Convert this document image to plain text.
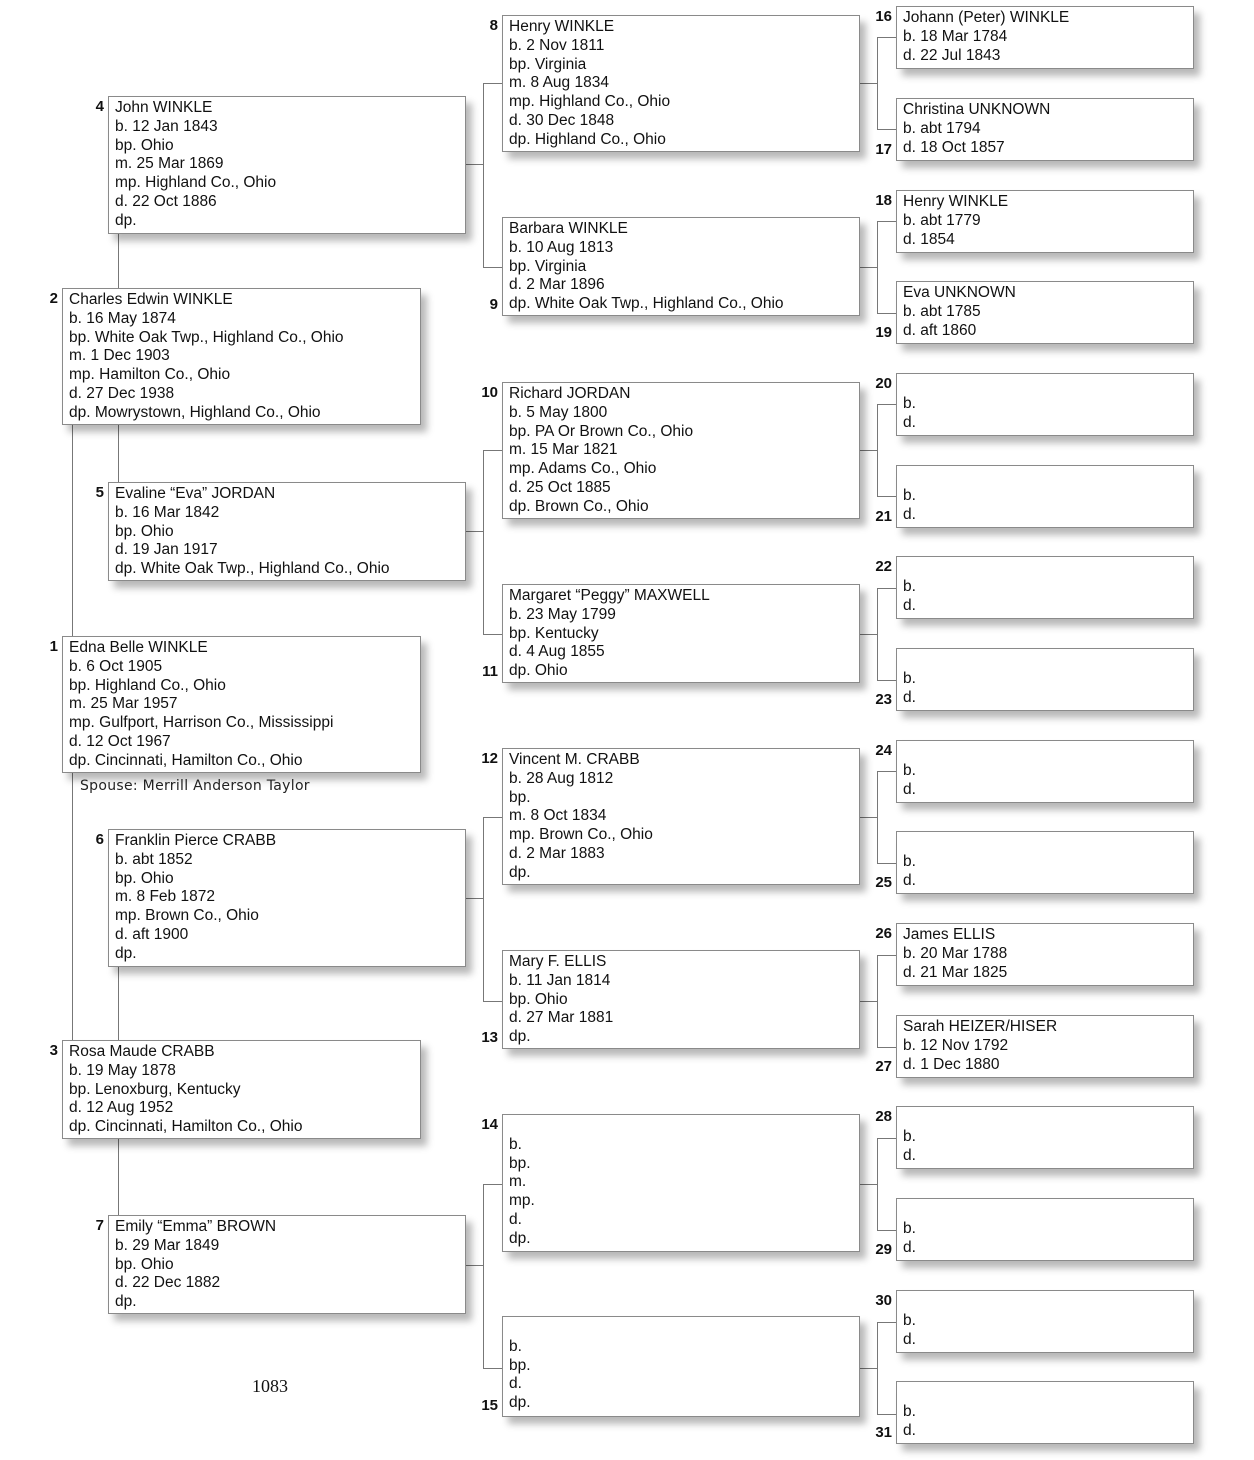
Edna Belle WINKLE
b. 6 Oct 1905
bp. Highland Co., Ohio
m. 25 Mar 1957
mp. Gulfport, Harrison Co., Mississippi
d. 12 Oct 1967
dp. Cincinnati, Hamilton Co., Ohio
1
Charles Edwin WINKLE
b. 16 May 1874
bp. White Oak Twp., Highland Co., Ohio
m. 1 Dec 1903
mp. Hamilton Co., Ohio
d. 27 Dec 1938
dp. Mowrystown, Highland Co., Ohio
2
Rosa Maude CRABB
b. 19 May 1878
bp. Lenoxburg, Kentucky
d. 12 Aug 1952
dp. Cincinnati, Hamilton Co., Ohio
3
John WINKLE
b. 12 Jan 1843
bp. Ohio
m. 25 Mar 1869
mp. Highland Co., Ohio
d. 22 Oct 1886
dp.
4
Evaline “Eva” JORDAN
b. 16 Mar 1842
bp. Ohio
d. 19 Jan 1917
dp. White Oak Twp., Highland Co., Ohio
5
Franklin Pierce CRABB
b. abt 1852
bp. Ohio
m. 8 Feb 1872
mp. Brown Co., Ohio
d. aft 1900
dp.
6
Emily “Emma” BROWN
b. 29 Mar 1849
bp. Ohio
d. 22 Dec 1882
dp.
7
Henry WINKLE
b. 2 Nov 1811
bp. Virginia
m. 8 Aug 1834
mp. Highland Co., Ohio
d. 30 Dec 1848
dp. Highland Co., Ohio
8
Barbara WINKLE
b. 10 Aug 1813
bp. Virginia
d. 2 Mar 1896
dp. White Oak Twp., Highland Co., Ohio
9
Richard JORDAN
b. 5 May 1800
bp. PA Or Brown Co., Ohio
m. 15 Mar 1821
mp. Adams Co., Ohio
d. 25 Oct 1885
dp. Brown Co., Ohio
10
Margaret “Peggy” MAXWELL
b. 23 May 1799
bp. Kentucky
d. 4 Aug 1855
dp. Ohio
11
Vincent M. CRABB
b. 28 Aug 1812
bp.
m. 8 Oct 1834
mp. Brown Co., Ohio
d. 2 Mar 1883
dp.
12
Mary F. ELLIS
b. 11 Jan 1814
bp. Ohio
d. 27 Mar 1881
dp.
13

b.
bp.
m.
mp.
d.
dp.
14

b.
bp.
d.
dp.
15
Johann (Peter) WINKLE
b. 18 Mar 1784
d. 22 Jul 1843
16
Christina UNKNOWN
b. abt 1794
d. 18 Oct 1857
17
Henry WINKLE
b. abt 1779
d. 1854
18
Eva UNKNOWN
b. abt 1785
d. aft 1860
19

b.
d.
20

b.
d.
21

b.
d.
22

b.
d.
23

b.
d.
24

b.
d.
25
James ELLIS
b. 20 Mar 1788
d. 21 Mar 1825
26
Sarah HEIZER/HISER
b. 12 Nov 1792
d. 1 Dec 1880
27

b.
d.
28

b.
d.
29

b.
d.
30

b.
d.
31
Spouse: Merrill Anderson Taylor
1083
